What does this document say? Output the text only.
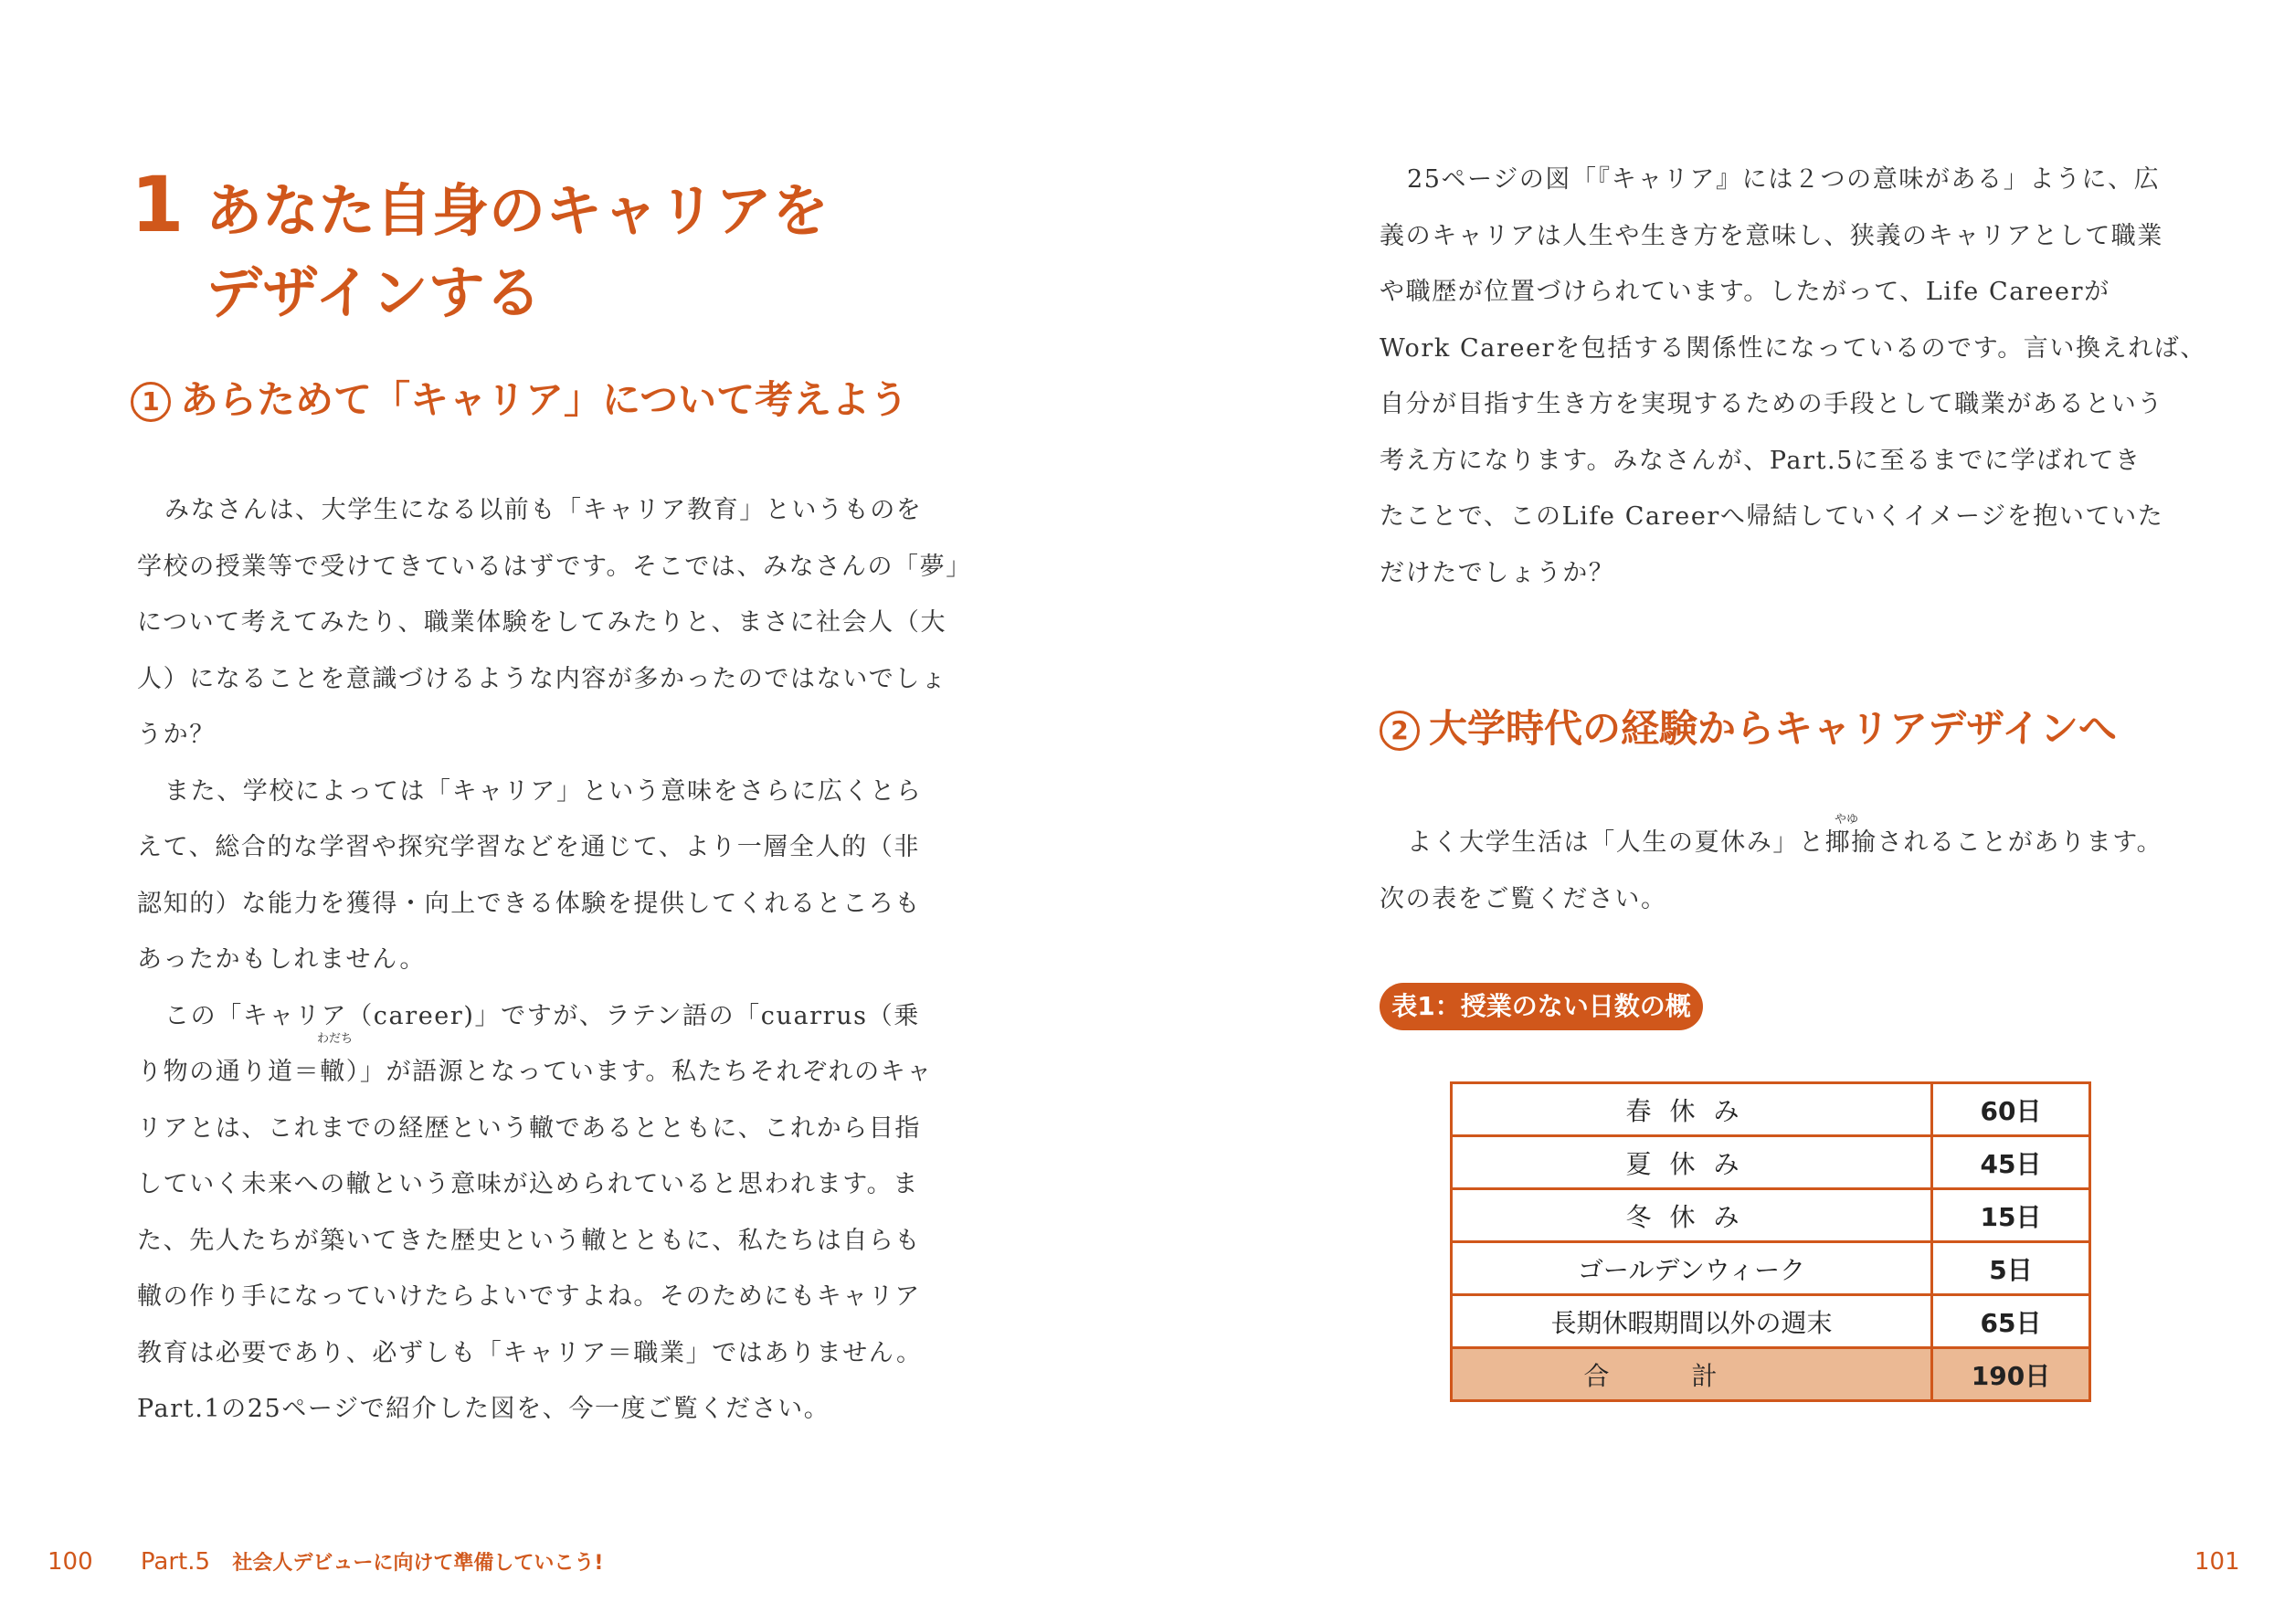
1 あなた自身のキャリアを
デザインする
1 あらためて「キャリア」について考えよう
みなさんは、大学生になる以前も「キャリア教育」というものを
学校の授業等で受けてきているはずです。そこでは、みなさんの「夢」
について考えてみたり、職業体験をしてみたりと、まさに社会人（大
人）になることを意識づけるような内容が多かったのではないでしょ
うか？
また、学校によっては「キャリア」という意味をさらに広くとら
えて、総合的な学習や探究学習などを通じて、より一層全人的（非
認知的）な能力を獲得・向上できる体験を提供してくれるところも
あったかもしれません。
この「キャリア（career)」ですが、ラテン語の「cuarrus（乗
り物の通り道＝轍）」が語源となっています。私たちそれぞれのキャ
リアとは、これまでの経歴という轍であるとともに、これから目指
していく未来への轍という意味が込められていると思われます。ま
た、先人たちが築いてきた歴史という轍とともに、私たちは自らも
轍の作り手になっていけたらよいですよね。そのためにもキャリア
教育は必要であり、必ずしも「キャリア＝職業」ではありません。
Part.1の25ページで紹介した図を、今一度ご覧ください。
わだち
25ページの図「『キャリア』には２つの意味がある」ように、広
義のキャリアは人生や生き方を意味し、狭義のキャリアとして職業
や職歴が位置づけられています。したがって、Life Careerが
Work Careerを包括する関係性になっているのです。言い換えれば、
自分が目指す生き方を実現するための手段として職業があるという
考え方になります。みなさんが、Part.5に至るまでに学ばれてき
たことで、このLife Careerへ帰結していくイメージを抱いていた
だけたでしょうか？
2 大学時代の経験からキャリアデザインへ
よく大学生活は「人生の夏休み」と揶揄されることがあります。
次の表をご覧ください。
やゆ
表1：授業のない日数の概算
春休み	60日
夏休み	45日
冬休み	15日
ゴールデンウィーク	5日
長期休暇期間以外の週末	65日
合計	190日
100 Part.5 社会人デビューに向けて準備していこう!	101
